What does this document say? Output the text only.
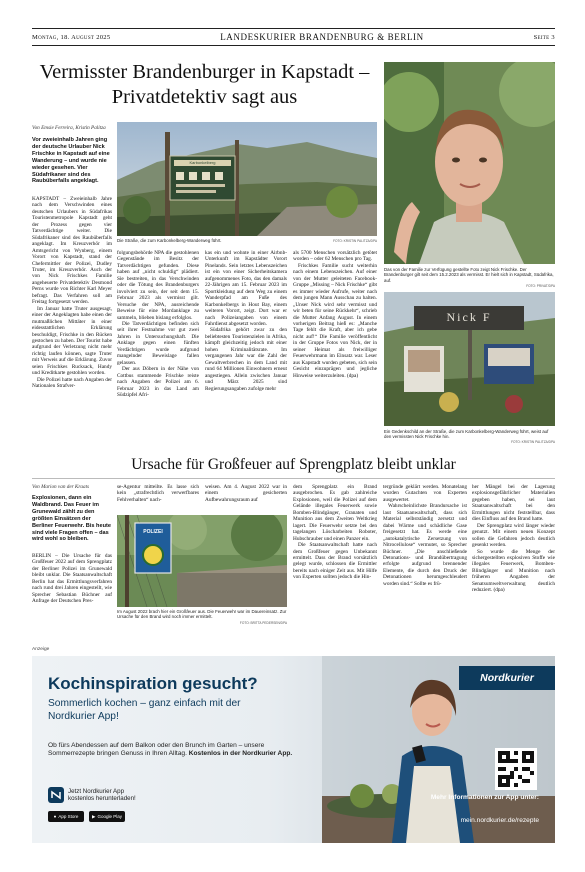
Montag, 18. August 2025	LANDESKURIER BRANDENBURG & BERLIN	Seite 3
Vermisster Brandenburger in Kapstadt – Privatdetektiv sagt aus
Von Emsie Ferreira, Kristin Palitza
Vor zweieinhalb Jahren ging der deutsche Urlauber Nick Frischke in Kapstadt auf eine Wanderung – und wurde nie wieder gesehen. Vier Südafrikaner sind des Raubüberfalls angeklagt.

KAPSTADT – Zweieinhalb Jahre nach dem Verschwinden eines deutschen Urlaubers in Südafrikas Touristenmetropole Kapstadt geht der Prozess gegen vier Tatverdächtige weiter. Die Südafrikaner sind des Raubüberfalls angeklagt. Im Kreuzverhör im Amtsgericht von Wynberg, einem Vorort von Kapstadt, stand der Chefermittler der Polizei, Dudley Truter, im Kreuzverhör. Auch der von Nick Frischkes Familie angeheuerte Privatdetektiv Desmond Perns wurde von Richter Karl Meyer befragt. Das Verfahren soll am Freitag fortgesetzt werden.

Im Januar hatte Truter ausgesagt, einer der Angeklagten habe einen der mutmaßlichen Mittäter in einer eidesstattlichen Erklärung beschuldigt, Frischke in den Rücken gestochen zu haben. Der Tourist habe aufgrund der Verletzung nicht mehr richtig laufen können, sagte Truter mit Verweis auf die Erklärung. Zuvor seien Frischkes Rucksack, Handy und Kreditkarte gestohlen worden.

Die Polizei hatte nach Angaben der Nationalen Strafver-

Karbonkelberg
Die Straße, die zum Karbonkelberg-Wanderweg führt.	FOTO: KRISTIN PALITZA/DPA

folgungsbehörde NPA die gestohlenen Gegenstände im Besitz der Tatverdächtigen gefunden. Diese haben auf „nicht schuldig“ plädiert. Sie bestreiten, in das Verschwinden oder die Tötung des Brandenburgers involviert zu sein, der seit dem 15. Februar 2023 als vermisst gilt. Versuche der NPA, ausreichende Beweise für eine Mordanklage zu sammeln, blieben bislang erfolglos.

Die Tatverdächtigen befinden sich seit ihrer Festnahme vor gut zwei Jahren in Untersuchungshaft. Die Anklage gegen einen fünften Verdächtigen wurde aufgrund mangelnder Beweislage fallen gelassen.

Der aus Döbern in der Nähe von Cottbus stammende Frischke reiste nach Angaben der Polizei am 6. Februar 2023 in das Land am Südzipfel Afri-

kas ein und wohnte in einer Airbnb-Unterkunft im Kapstädter Vorort Pinelands. Sein letztes Lebenszeichen ist ein von einer Sicherheitskamera aufgenommenes Foto, das den damals 22-Jährigen am 15. Februar 2023 im Sportkleidung auf dem Weg zu einem Wanderpfad am Fuße des Karbonkelbergs in Hout Bay, einem weiteren Vorort, zeigt. Dort war er nach Polizeiangaben von einem Fahrdienst abgesetzt worden.

Südafrika gehört zwar zu den beliebtesten Touristenzielen in Afrika, kämpft gleichzeitig jedoch mit einer hohen Kriminalitätsrate. Im vergangenen Jahr war die Zahl der Gewaltverbrechen in dem Land mit rund 64 Millionen Einwohnern erneut angestiegen. Allein zwischen Januar und März 2025 sind Regierungsangaben zufolge mehr

als 5700 Menschen vorsätzlich getötet worden – oder 62 Menschen pro Tag.

Frischkes Familie sucht weiterhin nach einem Lebenszeichen. Auf einer von der Mutter geleiteten Facebook-Gruppe „Missing – Nick Frischke“ gibt es immer wieder Aufrufe, weiter nach dem jungen Mann Ausschau zu halten. „Unser Nick wird sehr vermisst und wir beten für seine Rückkehr“, schrieb die Mutter Anfang August. In einem vorherigen Beitrag hieß es: „Manche Tage fehlt die Kraft, aber ich gebe nicht auf!“ Die Familie veröffentlicht in der Gruppe Fotos von Nick, der in seiner Heimat als freiwilliger Feuerwehrmann im Einsatz war. Leser aus Kapstadt wurden gebeten, sich sein Gesicht einzuprägen und jegliche Hinweise weiterzuleiten. (dpa)

Das von der Familie zur Verfügung gestellte Foto zeigt Nick Frischke. Der Brandenburger gilt seit dem 15.2.2023 als vermisst. Er hielt sich in Kapstadt, Südafrika, auf.
FOTO: PRIVAT/DPA
Nick F
Ein Gedenkschild an der Straße, die zum Karbonkelberg-Wanderweg führt, weist auf den vermissten Nick Frischke hin.
FOTO: KRISTIN PALITZA/DPA
Ursache für Großfeuer auf Sprengplatz bleibt unklar
Von Marion van der Kraats
Explosionen, dann ein Waldbrand. Das Feuer im Grunewald zählt zu den größten Einsätzen der Berliner Feuerwehr. Bis heute sind viele Fragen offen – das wird wohl so bleiben.

BERLIN – Die Ursache für das Großfeuer 2022 auf dem Sprengplatz der Berliner Polizei im Grunewald bleibt unklar. Die Staatsanwaltschaft Berlin hat das Ermittlungsverfahren nach rund drei Jahren eingestellt, wie Sprecher Sebastian Büchner auf Anfrage der Deutschen Pres-

se-Agentur mitteilte. Es lasse sich kein „strafrechtlich verwerfbares Fehlverhalten“ nach-

weisen. Am 4. August 2022 war in einem gesicherten Aufbewahrungsraum auf

POLIZEI
Im August 2022 brach hier ein Großfeuer aus. Die Feuerwehr war im Dauereinsatz. Zur Ursache für den Brand wird noch immer ermittelt.
FOTO: BRITTA PEDERSEN/DPA

dem Sprengplatz ein Brand ausgebrochen. Es gab zahlreiche Explosionen, weil die Polizei auf dem Gelände illegales Feuerwerk sowie Bomben-Blindgänger, Granaten und Munition aus dem Zweiten Weltkrieg lagert. Die Feuerwehr setzte bei den tagelangen Löscharbeiten Roboter, Hubschrauber und einen Panzer ein.

Die Staatsanwaltschaft hatte nach dem Großfeuer gegen Unbekannt ermittelt. Dass der Brand vorsätzlich gelegt wurde, schlossen die Ermittler bereits nach einiger Zeit aus. Mit Hilfe von Experten sollten jedoch die Hin-

tergründe geklärt werden. Monatelang wurden Gutachten von Experten ausgewertet.

Wahrscheinlichste Brandursache ist laut Staatsanwaltschaft, dass sich Material selbstständig zersetzt und dabei Wärme und schädliche Gase freigesetzt hat. Es werde eine „autokatalytische Zersetzung von Nitrocellulose“ vermutet, so Sprecher Büchner. „Die anschließende Detonations- und Brandübertragung erfolgte aufgrund brennender Elemente, die durch den Druck der Detonationen herumgeschleudert worden sind.“ Sollte es frü-

her Mängel bei der Lagerung explosionsgefährlicher Materialien gegeben haben, sei laut Staatsanwaltschaft bei den Ermittlungen nicht feststellbar, dass dies Einfluss auf den Brand hatte.

Der Sprengplatz wird länger wieder genutzt. Mit einem neuen Konzept sollen die Gefahren jedoch deutlich gesenkt werden.

So wurde die Menge der sichergestellten explosiven Stoffe wie illegales Feuerwerk, Bomben-Blindgänger und Munition nach früheren Angaben der Senatsumweltverwaltung deutlich reduziert. (dpa)

Anzeige
Kochinspiration gesucht?
Sommerlich kochen – ganz einfach mit der Nordkurier App!
Ob fürs Abendessen auf dem Balkon oder den Brunch im Garten – unsere Sommerrezepte bringen Genuss in Ihren Alltag. Kostenlos in der Nordkurier App.
Jetzt Nordkurier App
kostenlos herunterladen!
● App Store	▶ Google Play
Nordkurier
Mehr Informationen zur App unter:
mein.nordkurier.de/rezepte
